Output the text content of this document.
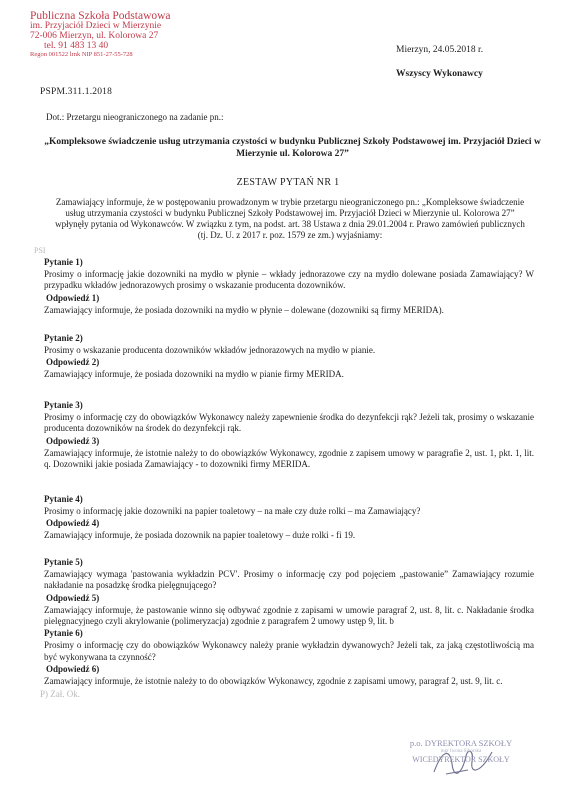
Publiczna Szkoła Podstawowa
im. Przyjaciół Dzieci w Mierzynie
72-006 Mierzyn, ul. Kolorowa 27
tel. 91 483 13 40
Regon 001522 lrnk NIP 851-27-55-728	Mierzyn, 24.05.2018 r.
Wszyscy Wykonawcy
PSPM.311.1.2018
Dot.: Przetargu nieograniczonego na zadanie pn.:
„Kompleksowe świadczenie usług utrzymania czystości w budynku Publicznej Szkoły Podstawowej im. Przyjaciół Dzieci w Mierzynie ul. Kolorowa 27”
ZESTAW PYTAŃ NR 1
Zamawiający informuje, że w postępowaniu prowadzonym w trybie przetargu nieograniczonego pn.: „Kompleksowe świadczenie usług utrzymania czystości w budynku Publicznej Szkoły Podstawowej im. Przyjaciół Dzieci w Mierzynie ul. Kolorowa 27” wpłynęły pytania od Wykonawców. W związku z tym, na podst. art. 38 Ustawa z dnia 29.01.2004 r. Prawo zamówień publicznych (tj. Dz. U. z 2017 r. poz. 1579 ze zm.) wyjaśniamy:
PSI
Pytanie 1)
Prosimy o informację jakie dozowniki na mydło w płynie – wkłady jednorazowe czy na mydło dolewane posiada Zamawiający? W przypadku wkładów jednorazowych prosimy o wskazanie producenta dozowników.
Odpowiedź 1)
Zamawiający informuje, że posiada dozowniki na mydło w płynie – dolewane (dozowniki są firmy MERIDA).
Pytanie 2)
Prosimy o wskazanie producenta dozowników wkładów jednorazowych na mydło w pianie.
Odpowiedź 2)
Zamawiający informuje, że posiada dozowniki na mydło w pianie firmy MERIDA.
Pytanie 3)
Prosimy o informację czy do obowiązków Wykonawcy należy zapewnienie środka do dezynfekcji rąk? Jeżeli tak, prosimy o wskazanie producenta dozowników na środek do dezynfekcji rąk.
Odpowiedź 3)
Zamawiający informuje, że istotnie należy to do obowiązków Wykonawcy, zgodnie z zapisem umowy w paragrafie 2, ust. 1, pkt. 1, lit. q. Dozowniki jakie posiada Zamawiający - to dozowniki firmy MERIDA.
Pytanie 4)
Prosimy o informację jakie dozowniki na papier toaletowy – na małe czy duże rolki – ma Zamawiający?
Odpowiedź 4)
Zamawiający informuje, że posiada dozownik na papier toaletowy – duże rolki - fi 19.
Pytanie 5)
Zamawiający wymaga 'pastowania wykładzin PCV'. Prosimy o informację czy pod pojęciem „pastowanie” Zamawiający rozumie nakładanie na posadzkę środka pielęgnującego?
Odpowiedź 5)
Zamawiający informuje, że pastowanie winno się odbywać zgodnie z zapisami w umowie paragraf 2, ust. 8, lit. c. Nakładanie środka pielęgnacyjnego czyli akrylowanie (polimeryzacja) zgodnie z paragrafem 2 umowy ustęp 9, lit. b
Pytanie 6)
Prosimy o informację czy do obowiązków Wykonawcy należy pranie wykładzin dywanowych? Jeżeli tak, za jaką częstotliwością ma być wykonywana ta czynność?
Odpowiedź 6)
Zamawiający informuje, że istotnie należy to do obowiązków Wykonawcy, zgodnie z zapisami umowy, paragraf 2, ust. 9, lit. c.
P) Zał. Ok.
p.o. DYREKTORA SZKOŁY
mgr Iwona Sikorska
WICEDYREKTOR SZKOŁY
